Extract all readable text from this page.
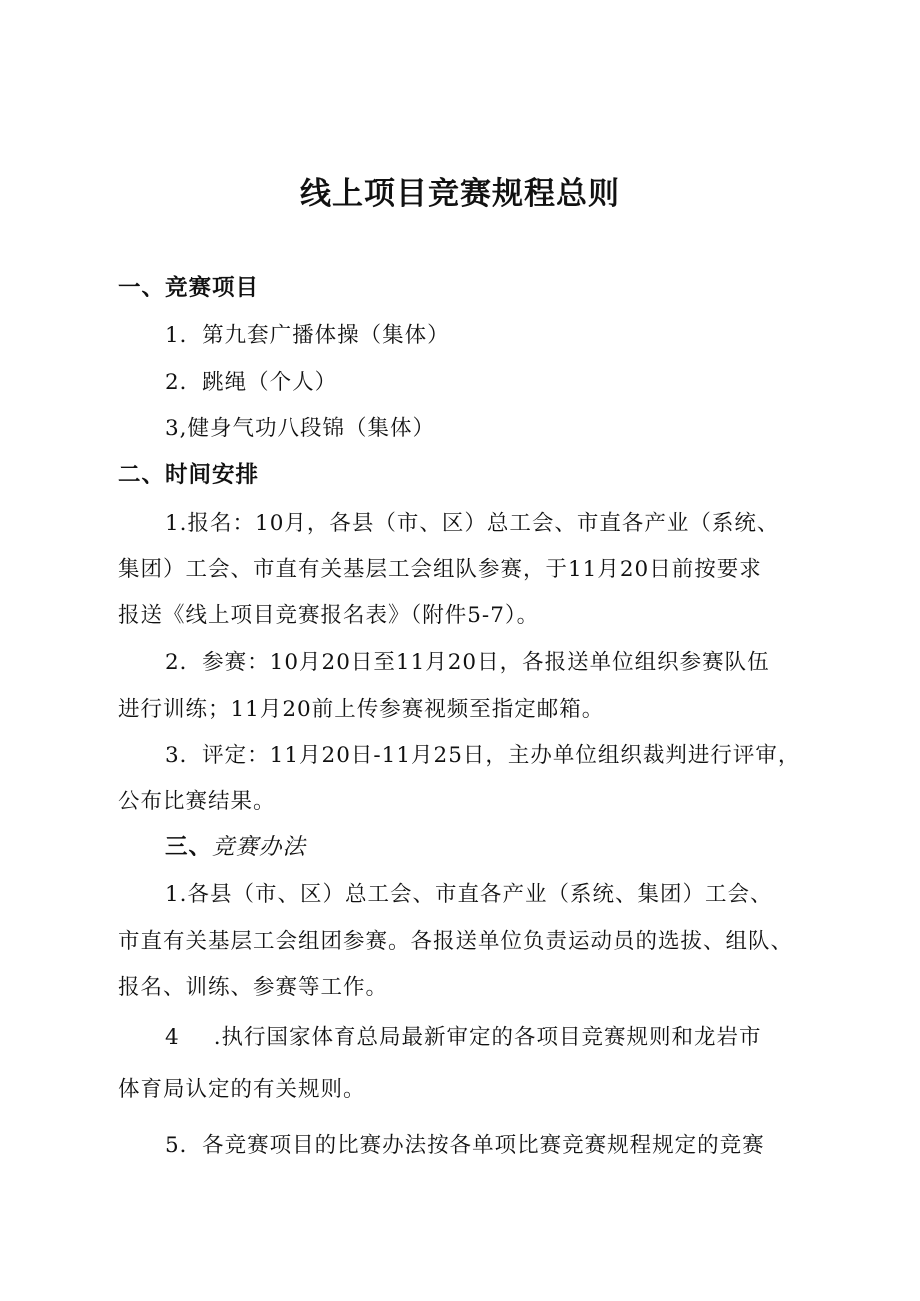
线上项目竞赛规程总则
一、竞赛项目
1．第九套广播体操（集体）
2．跳绳（个人）
3,健身气功八段锦（集体）
二、时间安排
1.报名：10月，各县（市、区）总工会、市直各产业（系统、
集团）工会、市直有关基层工会组队参赛，于11月20日前按要求
报送《线上项目竞赛报名表》（附件5-7）。
2．参赛：10月20日至11月20日，各报送单位组织参赛队伍
进行训练；11月20前上传参赛视频至指定邮箱。
3．评定：11月20日-11月25日，主办单位组织裁判进行评审，
公布比赛结果。
三、竞赛办法
1.各县（市、区）总工会、市直各产业（系统、集团）工会、
市直有关基层工会组团参赛。各报送单位负责运动员的选拔、组队、
报名、训练、参赛等工作。
4 .执行国家体育总局最新审定的各项目竞赛规则和龙岩市
体育局认定的有关规则。
5．各竞赛项目的比赛办法按各单项比赛竞赛规程规定的竞赛
